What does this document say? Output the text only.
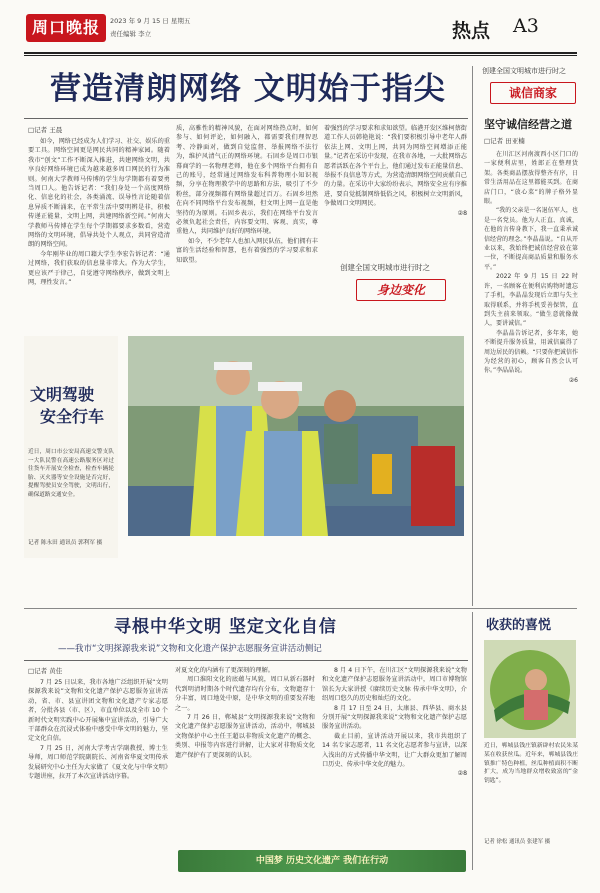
周口晚报	2023 年 9 月 15 日 星期五
责任编辑 李立	热点 A3
营造清朗网络 文明始于指尖
□记者 王晨

如今，网络已经成为人们学习、社交、娱乐的重要工具。网络空间更是网民共同的精神家园。随着我市“创文”工作不断深入推进，共建网络文明，共享良好网络环境已成为越来越多周口网民的行为准则。何南大学教师马传博的学生每学期都有着要勇当周口人。他告诉记者：“我们身处一个高度网络化、信息化的社会，各类涌流、误导性言论随着信息异质不断涌来，在平常生活中要明辨是非，积极传递正能量，文明上网，共建网络新空间。”何南大学教师马传博在学生每个学期都要求多数看，营造网络的文明环境，倡导共处个人观点，共同营造清朗的网络空间。

今年刚毕业的周口籍大学生李宏告诉记者：“通过网络，我们获取的信息量非常大。作为大学生，更应该严于律己，自觉遵守网络秩序，做到文明上网，理性发言。”

质，高雅性的精神风貌，在面对网络热点时，如何参与、如何评论，如何融入，都需要我们理智思考、冷静面对，做到自觉监督、举报网络不法行为，维护风清气正的网络环境。石固乡是周口市银幕商学的一名物理老师，他在多个网络平台拥有自己的账号，经常通过网络发布科普物理小知识视频，分享在物理教学中的思路和方法，吸引了不少粉丝，部分视频都有网络量超过百万。石固乡坦然在向不同网络平台发布视频，但文明上网一直是他坚持的为原则。石固乡表示，我们在网络平台发言必须负起社会责任，内容要文明、客观、真实，尊重他人，共同维护良好的网络环境。

如今，不少老年人也加入网民队伍，他们拥有丰富的生活经验和智慧，也有着强烈的学习要求和求知欲望。

着强烈的学习要求和求知欲望。临港开发区维柯蔡街道工作人员韩艳艳说：“我们要积极引导中老年人群依法上网、文明上网，共同为网络空间增添正能量。”记者在采访中发现，在我市各地，一大批网络志愿者活跃在各个平台上，他们通过发布正能量信息、举报不良信息等方式，为营造清朗网络空间贡献自己的力量。在采访中大家纷纷表示，网络安全应有序推进，要自觉抵制网络低俗之风，积极树立文明新风，争做周口文明网民。

②8

创建全国文明城市进行时之
身边变化
文明驾驶
安全行车
近日，周口市公安局高速交警支队一大队民警在高速公路服务区对过往货车开展安全检查，检查车辆轮胎、灭火器等安全设施是否完好，提醒驾驶员安全驾驶，文明出行，确保道路交通安全。
记者 陈永田 通讯员 郭利军 摄
创建全国文明城市进行时之
诚信商家
坚守诚信经营之道
□记者 田亚楠

在川汇区河南渡西小区门口的一家便利店里，姓郎正在整理货架。各类商品摆放得整齐有序，日常生活用品在这里都能买到。在商店门口，“放心菜”的牌子格外显眼。

“我的父亲是一名退伍军人，也是一名党员。他为人正直、真诚，在他的言传身教下，我一直秉承诚信经营的理念。”李晶晶说。“自从开业以来，我始终把诚信经营放在第一位，不断提高商品质量和服务水平。”

2022 年 9 月 15 日 22 时许，一名顾客在便利店购物时遗忘了手机，李晶晶发现后立即与失主取得联系，并将手机妥善保管，直到失主前来领取。“做生意就像做人，要讲诚信。”

李晶晶告诉记者，多年来，她不断提升服务质量，用诚信赢得了周边居民的信赖。“只要你把诚信作为经营的初心，顾客自然会认可你。”李晶晶说。

②6

寻根中华文明 坚定文化自信
——我市“文明探源我来说”文物和文化遗产保护志愿服务宣讲活动侧记
□记者 黄佳

7 月 25 日以来，我市各地广泛组织开展“文明探源我来说”文物和文化遗产保护志愿服务宣讲活动，省、市、县宣讲团文物和文化遗产专家志愿者，分批各县（市、区），市直单位以及全市 10 个新时代文明实践中心开展集中宣讲活动，引导广大干部群众在沉浸式体验中感受中华文明的魅力，坚定文化自信。

7 月 25 日，河南大学考古学副教授、博士生导师，周口师范学院副院长、河南省华夏文明传承发展研究中心主任为大家做了《夏文化与中华文明》专题讲座，拉开了本次宣讲活动序幕。

对夏文化的内涵有了更深刻的理解。

周口淮阳文化的底蕴与风貌，周口从新石器时代到明清时期各个时代遗存均有分布，文物遗存十分丰富，周口地处中原，是中华文明的重要发祥地之一。

7 月 26 日，郸城县“文明探源我来说”文物和文化遗产保护志愿服务宣讲活动，活动中，郸城县文物保护中心主任王超以非物质文化遗产的概念、类别、申报等内容进行讲解，让大家对非物质文化遗产保护有了更深刻的认识。

8 月 4 日下午，在川汇区“文明探源我来说”文物和文化遗产保护志愿服务宣讲活动中，周口市博物馆馆长为大家讲授《赓续历史文脉 传承中华文明》，介绍周口悠久的历史和灿烂的文化。

8 月 17 日至 24 日，太康县、西华县、商水县分别开展“文明探源我来说”文物和文化遗产保护志愿服务宣讲活动。

截止目前，宣讲活动开展以来，我市共组织了 14 名专家志愿者，11 名文化志愿者参与宣讲，以深入浅出的方式传播中华文明，让广大群众更加了解周口历史、传承中华文化的魅力。

②8

中国梦 历史文化遗产 我们在行动
收获的喜悦
近日，郸城县钱庄镇新辟村农民朱某某在收获丝瓜。近年来，郸城县钱庄镇推广特色种植，丝瓜种植面积不断扩大，成为当地群众增收致富的“金钥匙”。
记者 徐松 通讯员 张建军 摄
